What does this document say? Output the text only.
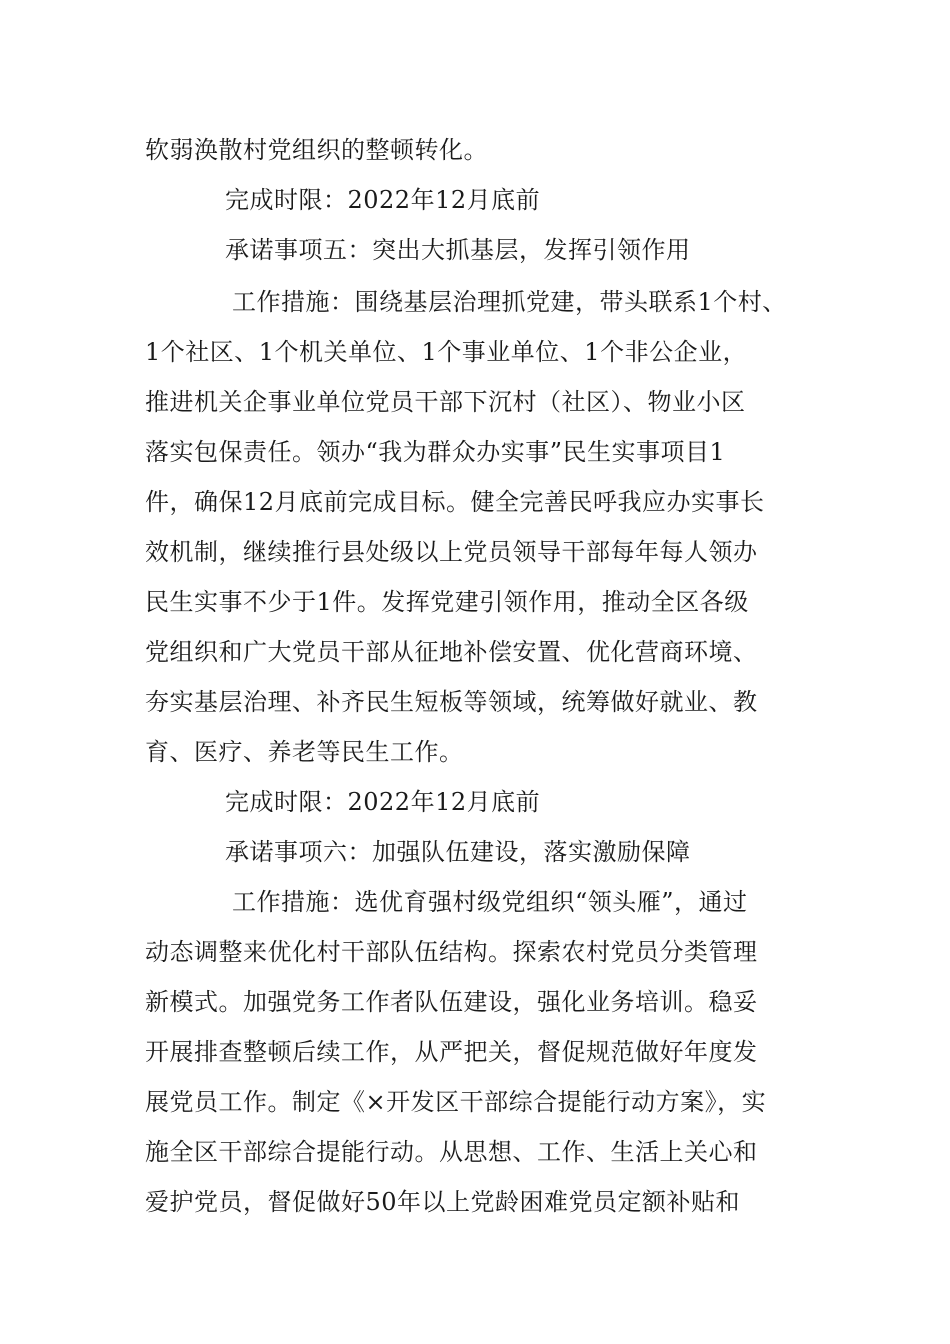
软弱涣散村党组织的整顿转化。
完成时限：2022年12月底前
承诺事项五：突出大抓基层，发挥引领作用
工作措施：围绕基层治理抓党建，带头联系1个村、
1个社区、1个机关单位、1个事业单位、1个非公企业，
推进机关企事业单位党员干部下沉村（社区）、物业小区
落实包保责任。领办“我为群众办实事”民生实事项目1
件，确保12月底前完成目标。健全完善民呼我应办实事长
效机制，继续推行县处级以上党员领导干部每年每人领办
民生实事不少于1件。发挥党建引领作用，推动全区各级
党组织和广大党员干部从征地补偿安置、优化营商环境、
夯实基层治理、补齐民生短板等领域，统筹做好就业、教
育、医疗、养老等民生工作。
完成时限：2022年12月底前
承诺事项六：加强队伍建设，落实激励保障
工作措施：选优育强村级党组织“领头雁”，通过
动态调整来优化村干部队伍结构。探索农村党员分类管理
新模式。加强党务工作者队伍建设，强化业务培训。稳妥
开展排查整顿后续工作，从严把关，督促规范做好年度发
展党员工作。制定《×开发区干部综合提能行动方案》，实
施全区干部综合提能行动。从思想、工作、生活上关心和
爱护党员，督促做好50年以上党龄困难党员定额补贴和
